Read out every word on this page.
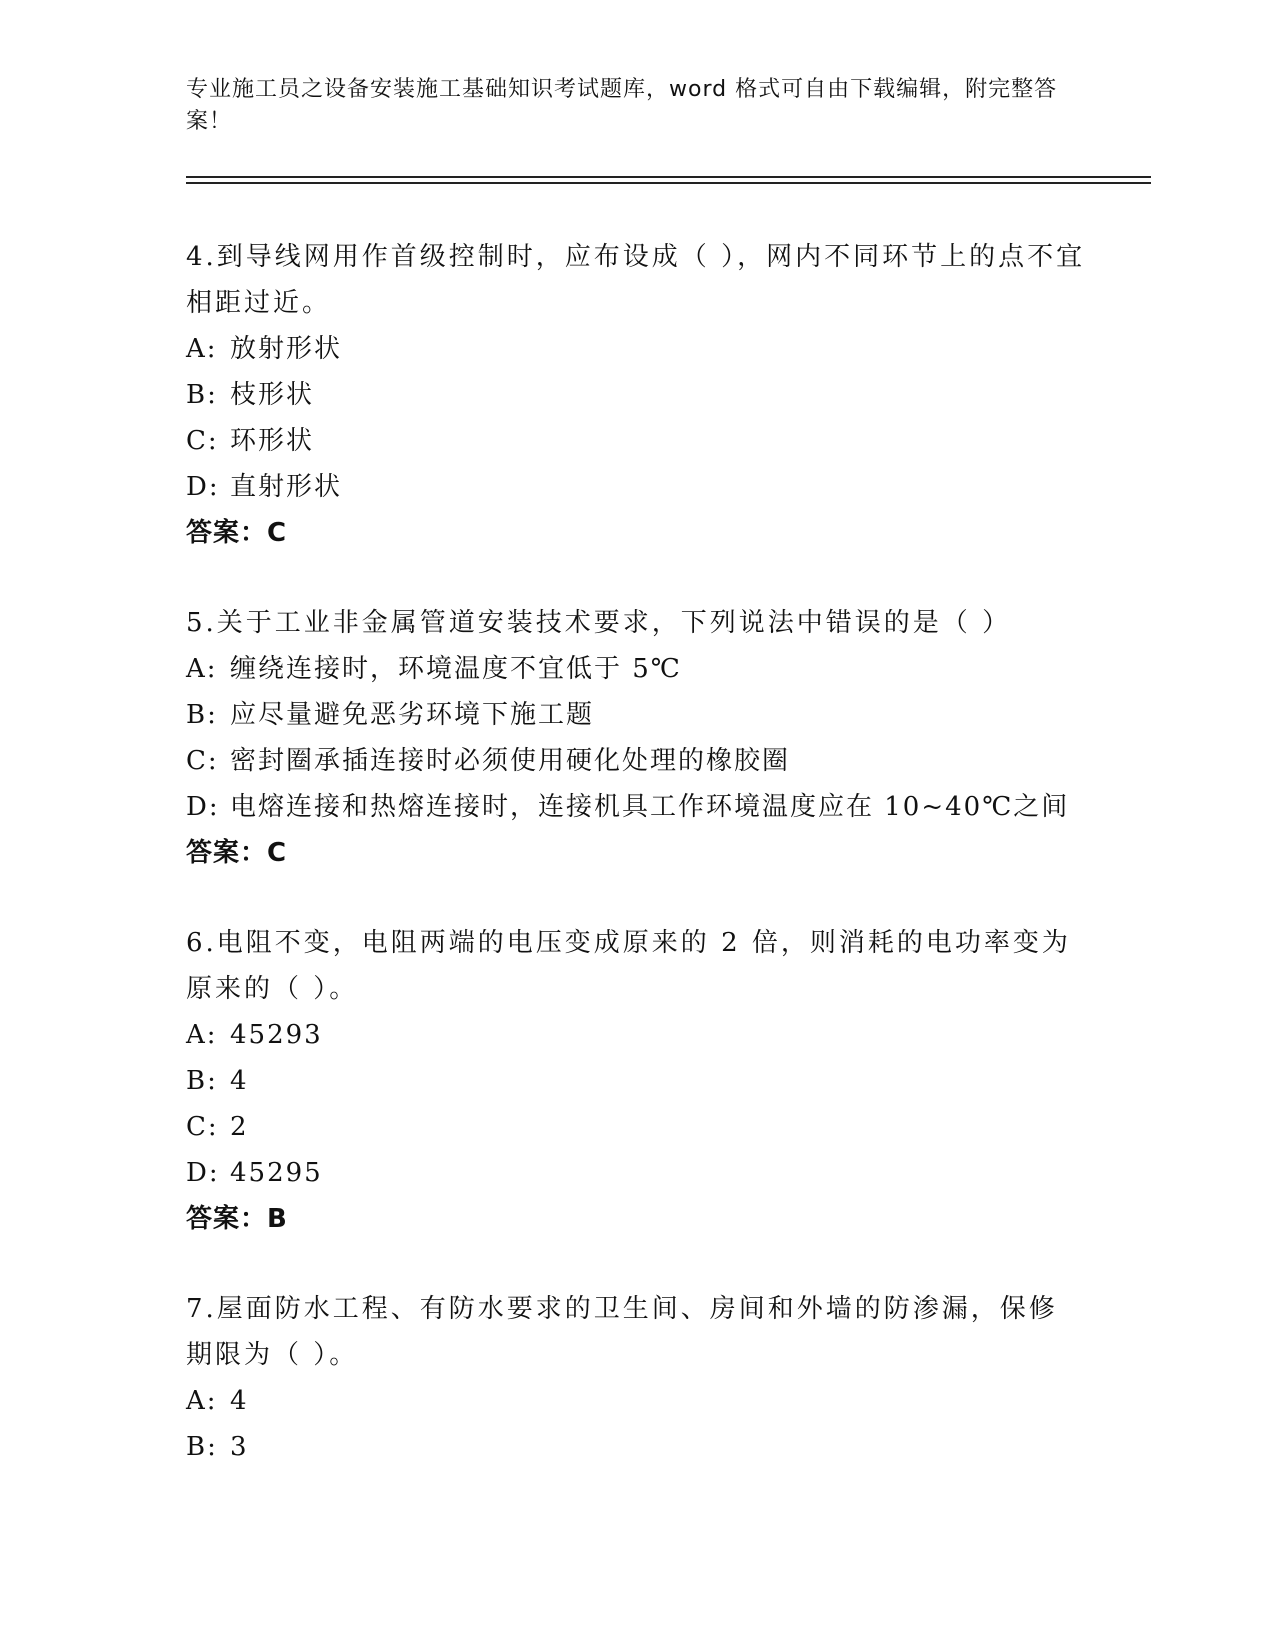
专业施工员之设备安装施工基础知识考试题库，word 格式可自由下载编辑，附完整答案！
4.到导线网用作首级控制时，应布设成（ ），网内不同环节上的点不宜相距过近。
A: 放射形状
B: 枝形状
C: 环形状
D: 直射形状
答案：C
5.关于工业非金属管道安装技术要求，下列说法中错误的是（ ）
A: 缠绕连接时，环境温度不宜低于 5℃
B: 应尽量避免恶劣环境下施工题
C: 密封圈承插连接时必须使用硬化处理的橡胶圈
D: 电熔连接和热熔连接时，连接机具工作环境温度应在 10~40℃之间
答案：C
6.电阻不变，电阻两端的电压变成原来的 2 倍，则消耗的电功率变为原来的（ ）。
A: 45293
B: 4
C: 2
D: 45295
答案：B
7.屋面防水工程、有防水要求的卫生间、房间和外墙的防渗漏，保修期限为（ ）。
A: 4
B: 3
